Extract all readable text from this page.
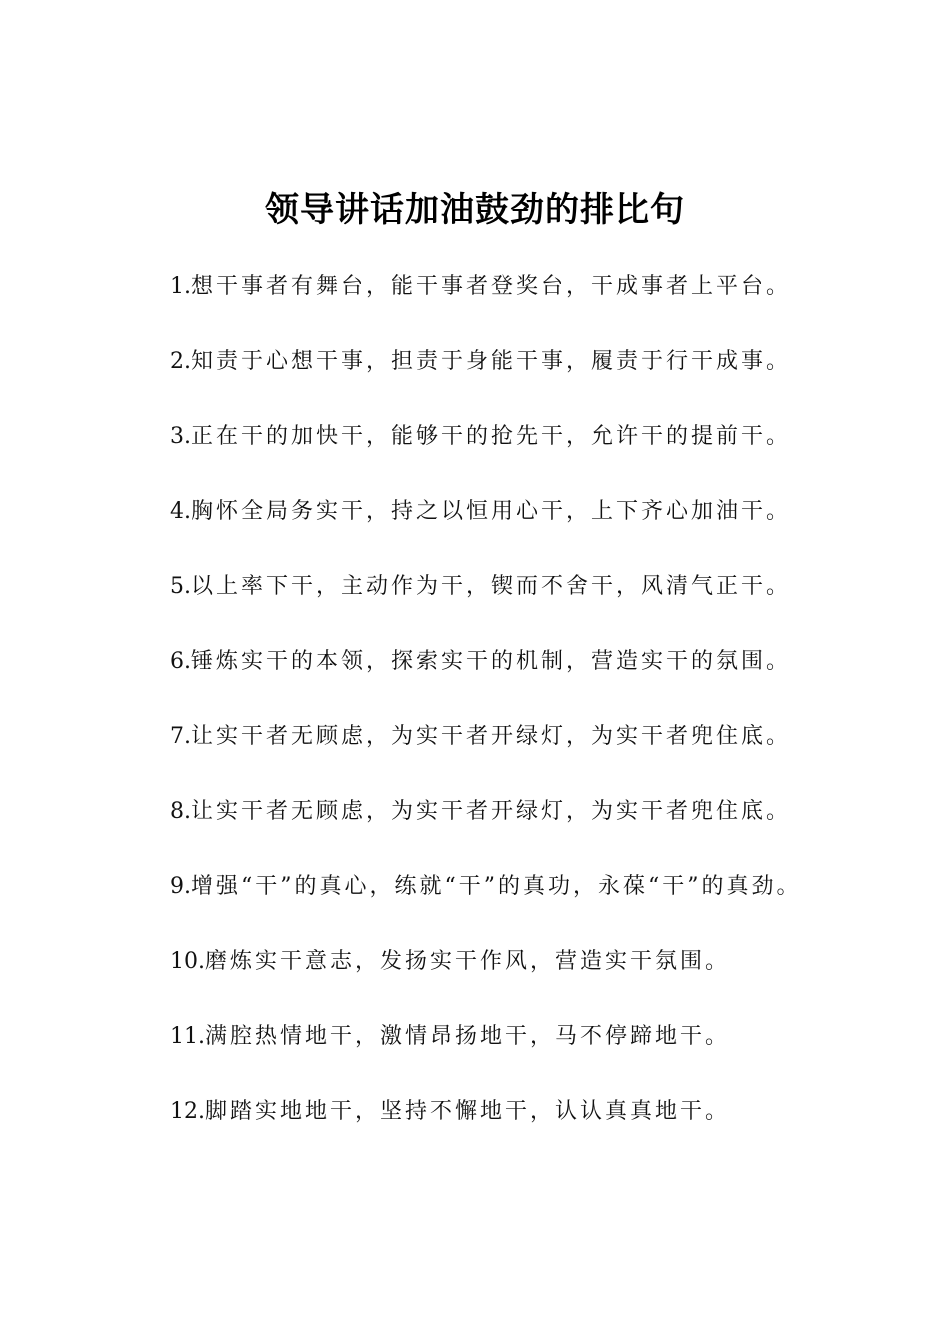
领导讲话加油鼓劲的排比句

1.想干事者有舞台，能干事者登奖台，干成事者上平台。

2.知责于心想干事，担责于身能干事，履责于行干成事。

3.正在干的加快干，能够干的抢先干，允许干的提前干。

4.胸怀全局务实干，持之以恒用心干，上下齐心加油干。

5.以上率下干，主动作为干，锲而不舍干，风清气正干。

6.锤炼实干的本领，探索实干的机制，营造实干的氛围。

7.让实干者无顾虑，为实干者开绿灯，为实干者兜住底。

8.让实干者无顾虑，为实干者开绿灯，为实干者兜住底。

9.增强“干”的真心，练就“干”的真功，永葆“干”的真劲。

10.磨炼实干意志，发扬实干作风，营造实干氛围。

11.满腔热情地干，激情昂扬地干，马不停蹄地干。

12.脚踏实地地干，坚持不懈地干，认认真真地干。
